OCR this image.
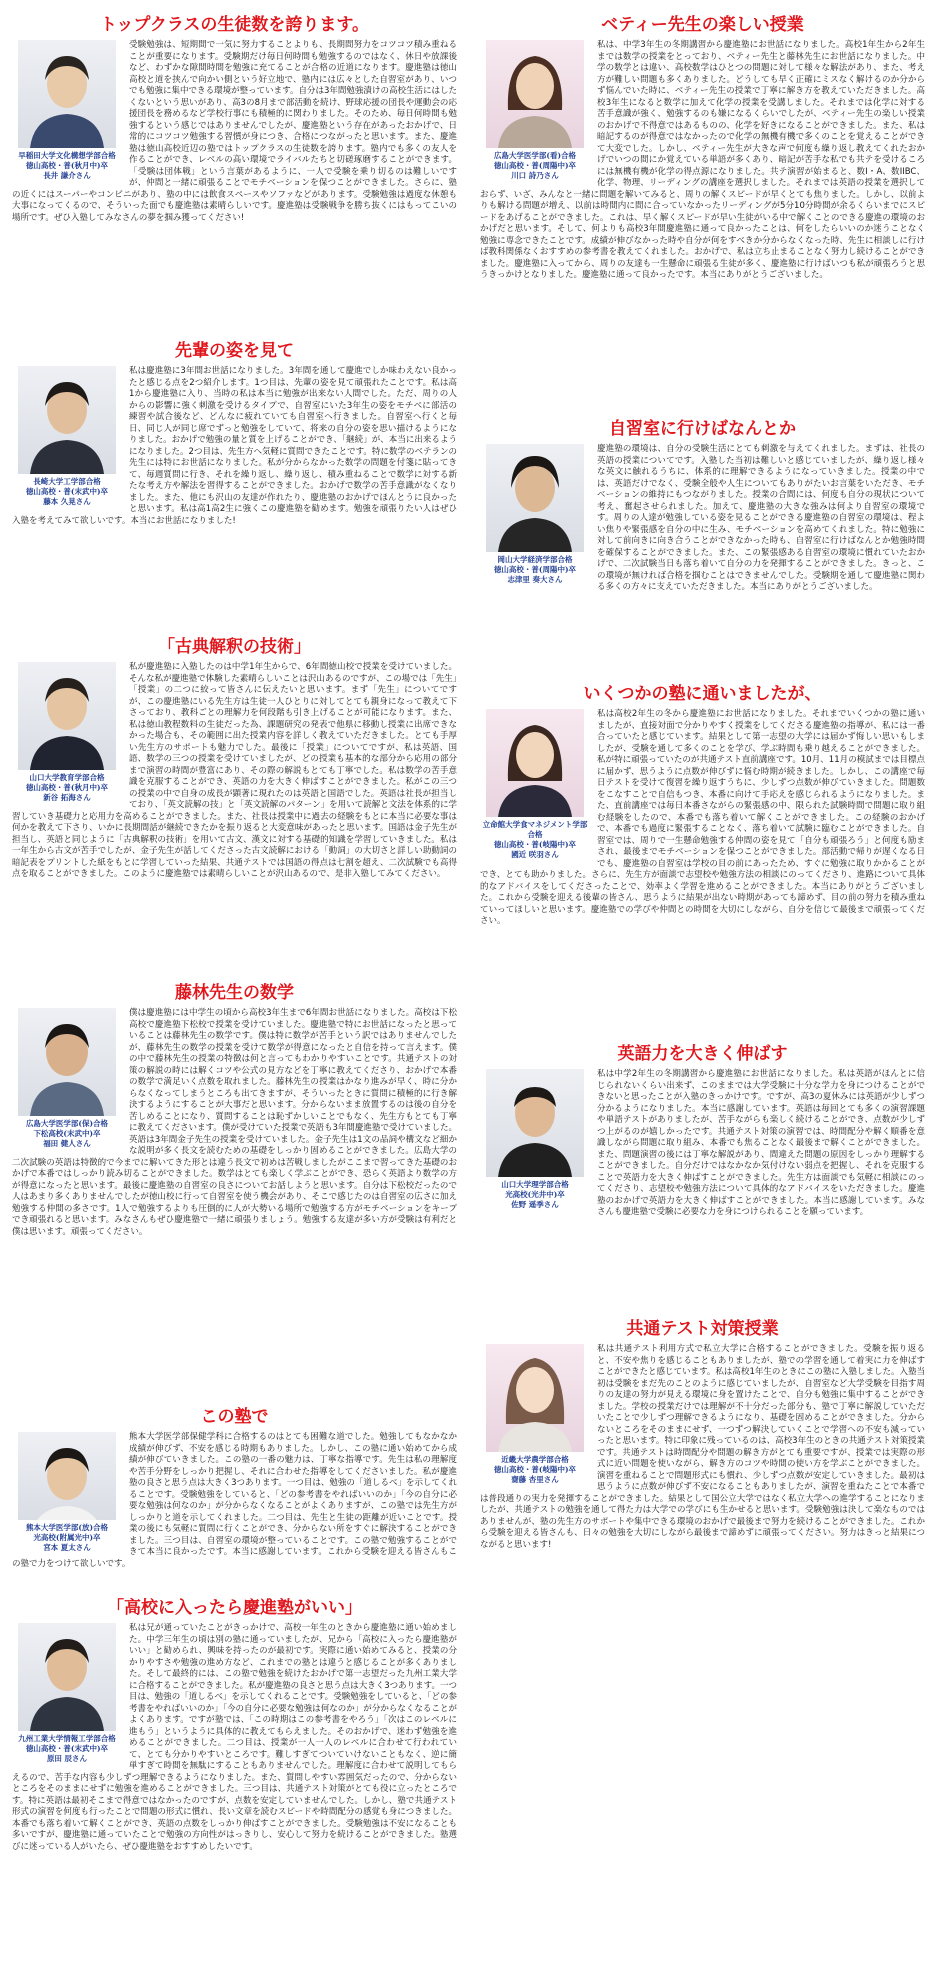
トップクラスの生徒数を誇ります。
早稲田大学文化構想学部合格
徳山高校・普(秋月中)卒
長井 謙介さん

受験勉強は、短期間で一気に努力することよりも、長期間努力をコツコツ積み重ねることが重要になります。受験期だけ毎日何時間も勉強するのではなく、休日や放課後など、わずかな隙間時間を勉強に充てることが合格の近道になります。慶進塾は徳山高校と道を挟んで向かい側という好立地で、塾内には広々とした自習室があり、いつでも勉強に集中できる環境が整っています。自分は3年間勉強漬けの高校生活にはしたくないという思いがあり、高3の8月まで部活動を続け、野球応援の団長や運動会の応援団長を務めるなど学校行事にも積極的に関わりました。そのため、毎日何時間も勉強するという感じではありませんでしたが、慶進塾という存在があったおかげで、日常的にコツコツ勉強する習慣が身につき、合格につながったと思います。また、慶進塾は徳山高校近辺の塾ではトップクラスの生徒数を誇ります。塾内でも多くの友人を作ることができ、レベルの高い環境でライバルたちと切磋琢磨することができます。「受験は団体戦」という言葉があるように、一人で受験を乗り切るのは難しいですが、仲間と一緒に頑張ることでモチベーションを保つことができました。さらに、塾の近くにはスーパーやコンビニがあり、塾の中には飲食スペースやソファなどがあります。受験勉強は過度な休憩も大事になってくるので、そういった面でも慶進塾は素晴らしいです。慶進塾は受験戦争を勝ち抜くにはもってこいの場所です。ぜひ入塾してみなさんの夢を掴み獲ってください!

先輩の姿を見て
長崎大学工学部合格
徳山高校・普(末武中)卒
藤本 久晃さん

私は慶進塾に3年間お世話になりました。3年間を通して慶進でしか味わえない良かったと感じる点を2つ紹介します。1つ目は、先輩の姿を見て頑張れたことです。私は高1から慶進塾に入り、当時の私は本当に勉強が出来ない人間でした。ただ、周りの人からの影響に強く刺激を受けるタイプで、自習室にいた3年生の姿をモチベに部活の練習や試合後など、どんなに疲れていても自習室へ行きました。自習室へ行くと毎日、同じ人が同じ席でずっと勉強をしていて、将来の自分の姿を思い描けるようになりました。おかげで勉強の量と質を上げることができ、「継続」が、本当に出来るようになりました。2つ目は、先生方へ気軽に質問できたことです。特に数学のベテランの先生には特にお世話になりました。私が分からなかった数学の問題を付箋に貼ってきて、毎週質問に行き、それを繰り返し、繰り返し、積み重ねることで数学に対する新たな考え方や解法を習得することができました。おかげで数学の苦手意識がなくなりました。また、他にも沢山の友達が作れたり、慶進塾のおかげでほんとうに良かったと思います。私は高1高2生に強くこの慶進塾を勧めます。勉強を頑張りたい人はぜひ入塾を考えてみて欲しいです。本当にお世話になりました!

「古典解釈の技術」
山口大学教育学部合格
徳山高校・普(秋月中)卒
新谷 拓海さん

私が慶進塾に入塾したのは中学1年生からで、6年間徳山校で授業を受けていました。そんな私が慶進塾で体験した素晴らしいことは沢山あるのですが、この場では「先生」「授業」の二つに絞って皆さんに伝えたいと思います。まず「先生」についてですが、この慶進塾にいる先生方は生徒一人ひとりに対してとても親身になって教えて下さっており、教科ごとの理解力を何段階も引き上げることが可能になります。また、私は徳山教程数料の生徒だった為、課題研究の発表で他県に移動し授業に出席できなかった場合も、その範囲に出た授業内容を詳しく教えていただきました。とても手厚い先生方のサポートも魅力でした。最後に「授業」についてですが、私は英語、国語、数学の三つの授業を受けていましたが、どの授業も基本的な部分から応用の部分まで演習の時間が豊富にあり、その際の解説もとても丁寧でした。私は数学の苦手意識を克服することができ、英語の力を大きく伸ばすことができました。私がこの三つの授業の中で自身の成長が顕著に現れたのは英語と国語でした。英語は社長が担当しており、「英文読解の技」と「英文読解のパターン」を用いて読解と文法を体系的に学習していき基礎力と応用力を高めることができました。また、社長は授業中に過去の経験をもとに本当に必要な事は何かを教えて下さり、いかに長期間話が継続できたかを振り返ると大変意味があったと思います。国語は金子先生が担当し、英語と同じように「古典解釈の技術」を用いて古文、漢文に対する基礎的知識を学習していきました。私は一年生から古文が苦手でしたが、金子先生が話してくださった古文読解における「動詞」の大切さと詳しい助動詞の暗記表をプリントした紙をもとに学習していった結果、共通テストでは国語の得点は七割を超え、二次試験でも高得点を取ることができました。このように慶進塾では素晴らしいことが沢山あるので、是非入塾してみてください。

藤林先生の数学
広島大学医学部(保)合格
下松高校(末武中)卒
福田 健人さん

僕は慶進塾には中学生の頃から高校3年生まで6年間お世話になりました。高校は下松高校で慶進塾下松校で授業を受けていました。慶進塾で特にお世話になったと思っていることは藤林先生の数学です。僕は特に数学が苦手という訳ではありませんでしたが、藤林先生の数学の授業を受けて数学が得意になったと自信を持って言えます。僕の中で藤林先生の授業の特徴は何と言ってもわかりやすいことです。共通テストの対策の解説の時には解くコツや公式の見方などを丁寧に教えてくださり、おかげで本番の数学で満足いく点数を取れました。藤林先生の授業はかなり進みが早く、時に分からなくなってしまうところも出てきますが、そういったときに質問に積極的に行き解決するようにすることが大事だと思います。分からないまま放置するのは後の自分を苦しめることになり、質問することは恥ずかしいことでもなく、先生方もとても丁寧に教えてくださいます。僕が受けていた授業で英語も3年間慶進塾で受けていました。英語は3年間金子先生の授業を受けていました。金子先生は1文の品詞や構文など細かな説明が多く長文を読むための基礎をしっかり固めることができました。広島大学の二次試験の英語は特徴的で今までに解いてきた形とは違う長文で初めは苦戦しましたがここまで習ってきた基礎のおかげで本番ではしっかり読み切ることができました。数学はとても楽しく学ぶことができ、恐らく英語より数学の方が得意になったと思います。最後に慶進塾の自習室の良さについてお話しようと思います。自分は下松校だったので人はあまり多くありませんでしたが徳山校に行って自習室を使う機会があり、そこで感じたのは自習室の広さに加え勉強する仲間の多さです。1人で勉強するよりも圧倒的に人が大勢いる場所で勉強する方がモチベーションをキープでき頑張れると思います。みなさんもぜひ慶進塾で一緒に頑張りましょう。勉強する友達が多い方が受験は有利だと僕は思います。頑張ってください。

この塾で
熊本大学医学部(放)合格
光高校(附属光中)卒
宮本 夏太さん

熊本大学医学部保健学科に合格するのはとても困難な道でした。勉強してもなかなか成績が伸びず、不安を感じる時期もありました。しかし、この塾に通い始めてから成績が伸びていきました。この塾の一番の魅力は、丁寧な指導です。先生は私の理解度や苦手分野をしっかり把握し、それに合わせた指導をしてくださいました。私が慶進塾の良さと思う点は大きく3つあります。一つ目は、勉強の「道しるべ」を示してくれることです。受験勉強をしていると、「どの参考書をやればいいのか」「今の自分に必要な勉強は何なのか」が分からなくなることがよくありますが、この塾では先生方がしっかりと道を示してくれました。二つ目は、先生と生徒の距離が近いことです。授業の後にも気軽に質問に行くことができ、分からない所をすぐに解決することができました。三つ目は、自習室の環境が整っていることです。この塾で勉強することができて本当に良かったです。本当に感謝しています。これから受験を迎える皆さんもこの塾で力をつけて欲しいです。

「高校に入ったら慶進塾がいい」
九州工業大学情報工学部合格
徳山高校・普(末武中)卒
原田 辰さん

私は兄が通っていたことがきっかけで、高校一年生のときから慶進塾に通い始めました。中学三年生の頃は別の塾に通っていましたが、兄から「高校に入ったら慶進塾がいい」と勧められ、興味を持ったのが最初です。実際に通い始めてみると、授業の分かりやすさや勉強の進め方など、これまでの塾とは違うと感じることが多くありました。そして最終的には、この塾で勉強を続けたおかげで第一志望だった九州工業大学に合格することができました。私が慶進塾の良さと思う点は大きく3つあります。一つ目は、勉強の「道しるべ」を示してくれることです。受験勉強をしていると、「どの参考書をやればいいのか」「今の自分に必要な勉強は何なのか」が分からなくなることがよくあります。ですが塾では、「この時期はこの参考書をやろう」「次はこのレベルに進もう」というように具体的に教えてもらえました。そのおかげで、迷わず勉強を進めることができました。二つ目は、授業が一人一人のレベルに合わせて行われていて、とても分かりやすいところです。難しすぎてついていけないこともなく、逆に簡単すぎて時間を無駄にすることもありませんでした。理解度に合わせて説明してもらえるので、苦手な内容も少しずつ理解できるようになりました。また、質問しやすい雰囲気だったので、分からないところをそのままにせずに勉強を進めることができました。三つ目は、共通テスト対策がとても役に立ったところです。特に英語は最初そこまで得意ではなかったのですが、点数を安定していませんでした。しかし、塾で共通テスト形式の演習を何度も行ったことで問題の形式に慣れ、長い文章を読むスピードや時間配分の感覚も身につきました。本番でも落ち着いて解くことができ、英語の点数をしっかり伸ばすことができました。受験勉強は不安になることも多いですが、慶進塾に通っていたことで勉強の方向性がはっきりし、安心して努力を続けることができました。塾選びに迷っている人がいたら、ぜひ慶進塾をおすすめしたいです。

ベティー先生の楽しい授業
広島大学医学部(看)合格
徳山高校・普(周陽中)卒
川口 詩乃さん

私は、中学3年生の冬期講習から慶進塾にお世話になりました。高校1年生から2年生までは数学の授業をとっており、ベティー先生と藤林先生にお世話になりました。中学の数学とは違い、高校数学はひとつの問題に対して様々な解法があり、また、考え方が難しい問題も多くありました。どうしても早く正確にミスなく解けるのか分からず悩んでいた時に、ベティー先生の授業で丁寧に解き方を教えていただきました。高校3年生になると数学に加えて化学の授業を受講しました。それまでは化学に対する苦手意識が強く、勉強するのも嫌になるくらいでしたが、ベティー先生の楽しい授業のおかげで不得意ではあるものの、化学を好きになることができました。また、私は暗記するのが得意ではなかったので化学の無機有機で多くのことを覚えることができて大変でした。しかし、ベティー先生が大きな声で何度も繰り返し教えてくれたおかげでいつの間にか覚えている単語が多くあり、暗記が苦手な私でも共テを受けるころには無機有機が化学の得点源になりました。共テ演習が始まると、数I・A、数IIBC、化学、物理、リーディングの講座を選択しました。それまでは英語の授業を選択しておらず、いざ、みんなと一緒に問題を解いてみると、周りの解くスピードが早くとても焦りました。しかし、以前よりも解ける問題が増え、以前は時間内に間に合っていなかったリーディングが5分10分時間が余るくらいまでにスピードをあげることができました。これは、早く解くスピードが早い生徒がいる中で解くことのできる慶進の環境のおかげだと思います。そして、何よりも高校3年間慶進塾に通って良かったことは、何をしたらいいのか迷うことなく勉強に専念できたことです。成績が伸びなかった時や自分が何をすべきか分からなくなった時、先生に相談しに行けば教科関係なくおすすめの参考書を教えてくれました。おかげで、私は立ち止まることなく努力し続けることができました。慶進塾に入ってから、周りの友達も一生懸命に頑張る生徒が多く、慶進塾に行けばいつも私が頑張ろうと思うきっかけとなりました。慶進塾に通って良かったです。本当にありがとうございました。

自習室に行けばなんとか
岡山大学経済学部合格
徳山高校・普(周陽中)卒
志津里 奏大さん

慶進塾の環境は、自分の受験生活にとても刺激を与えてくれました。まずは、社長の英語の授業についてです。入塾した当初は難しいと感じていましたが、繰り返し様々な英文に触れるうちに、体系的に理解できるようになっていきました。授業の中では、英語だけでなく、受験全般や人生についてもありがたいお言葉をいただき、モチベーションの維持にもつながりました。授業の合間には、何度も自分の現状について考え、奮起させられました。加えて、慶進塾の大きな強みは何より自習室の環境です。周りの人達が勉強している姿を見ることができる慶進塾の自習室の環境は、程よい焦りや緊張感を自分の中に生み、モチベーションを高めてくれました。特に勉強に対して前向きに向き合うことができなかった時も、自習室に行けばなんとか勉強時間を確保することができました。また、この緊張感ある自習室の環境に慣れていたおかげで、二次試験当日も落ち着いて自分の力を発揮することができました。きっと、この環境が無ければ合格を掴むことはできませんでした。受験期を通して慶進塾に関わる多くの方々に支えていただきました。本当にありがとうございました。

いくつかの塾に通いましたが、
立命館大学食マネジメント学部合格
徳山高校・普(岐陽中)卒
國近 咲羽さん

私は高校2年生の冬から慶進塾にお世話になりました。それまでいくつかの塾に通いましたが、直接対面で分かりやすく授業をしてくださる慶進塾の指導が、私には一番合っていたと感じています。結果として第一志望の大学には届かず悔しい思いもしましたが、受験を通して多くのことを学び、学ぶ時間も乗り越えることができました。私が特に頑張っていたのが共通テスト直前講座です。10月、11月の模試までは目標点に届かず、思うように点数が伸びずに悩む時期が続きました。しかし、この講座で毎日テストを受けて復習を繰り返すうちに、少しずつ点数が伸びていきました。問題数をこなすことで自信もつき、本番に向けて手応えを感じられるようになりました。また、直前講座では毎日本番さながらの緊張感の中、限られた試験時間で問題に取り組む経験をしたので、本番でも落ち着いて解くことができました。この経験のおかげで、本番でも過度に緊張することなく、落ち着いて試験に臨むことができました。自習室では、周りで一生懸命勉強する仲間の姿を見て「自分も頑張ろう」と何度も励まされ、最後までモチベーションを保つことができました。部活動で帰りが遅くなる日でも、慶進塾の自習室は学校の目の前にあったため、すぐに勉強に取りかかることができ、とても助かりました。さらに、先生方が面談で志望校や勉強方法の相談にのってくださり、進路について具体的なアドバイスをしてくださったことで、効率よく学習を進めることができました。本当にありがとうございました。これから受験を迎える後輩の皆さん、思うように結果が出ない時期があっても諦めず、目の前の努力を積み重ねていってほしいと思います。慶進塾での学びや仲間との時間を大切にしながら、自分を信じて最後まで頑張ってください。

英語力を大きく伸ばす
山口大学理学部合格
光高校(光井中)卒
佐野 遥季さん

私は中学2年生の冬期講習から慶進塾にお世話になりました。私は英語がほんとに信じられないくらい出来ず、このままでは大学受験に十分な学力を身につけることができないと思ったことが入塾のきっかけです。ですが、高3の夏休みには英語が少しずつ分かるようになりました。本当に感謝しています。英語は毎回とても多くの演習課題や単語テストがありましたが、苦手ながらも楽しく続けることができ、点数が少しずつ上がるのが嬉しかったです。共通テスト対策の演習では、時間配分や解く順番を意識しながら問題に取り組み、本番でも焦ることなく最後まで解くことができました。また、問題演習の後には丁寧な解説があり、間違えた問題の原因をしっかり理解することができました。自分だけではなかなか気付けない弱点を把握し、それを克服することで英語力を大きく伸ばすことができました。先生方は面談でも気軽に相談にのってくださり、志望校や勉強方法について具体的なアドバイスをいただきました。慶進塾のおかげで英語力を大きく伸ばすことができました。本当に感謝しています。みなさんも慶進塾で受験に必要な力を身につけられることを願っています。

共通テスト対策授業
近畿大学農学部合格
徳山高校・普(岐陽中)卒
齋藤 杏里さん

私は共通テスト利用方式で私立大学に合格することができました。受験を振り返ると、不安や焦りを感じることもありましたが、塾での学習を通して着実に力を伸ばすことができたと感じています。私は高校1年生のときにこの塾に入塾しました。入塾当初は受験をまだ先のことのように感じていましたが、自習室など大学受験を目指す周りの友達の努力が見える環境に身を置けたことで、自分も勉強に集中することができました。学校の授業だけでは理解が不十分だった部分も、塾で丁寧に解説していただいたことで少しずつ理解できるようになり、基礎を固めることができました。分からないところをそのままにせず、一つずつ解決していくことで学習への不安も減っていったと思います。特に印象に残っているのは、高校3年生のときの共通テスト対策授業です。共通テストは時間配分や問題の解き方がとても重要ですが、授業では実際の形式に近い問題を使いながら、解き方のコツや時間の使い方を学ぶことができました。演習を重ねることで問題形式にも慣れ、少しずつ点数が安定していきました。最初は思うように点数が伸びず不安になることもありましたが、演習を重ねたことで本番では普段通りの実力を発揮することができました。結果として国公立大学ではなく私立大学への進学することになりましたが、共通テストの勉強を通して得た力は大学での学びにも生かせると思います。受験勉強は決して楽なものではありませんが、塾の先生方のサポートや集中できる環境のおかげで最後まで努力を続けることができました。これから受験を迎える皆さんも、日々の勉強を大切にしながら最後まで諦めずに頑張ってください。努力はきっと結果につながると思います!
